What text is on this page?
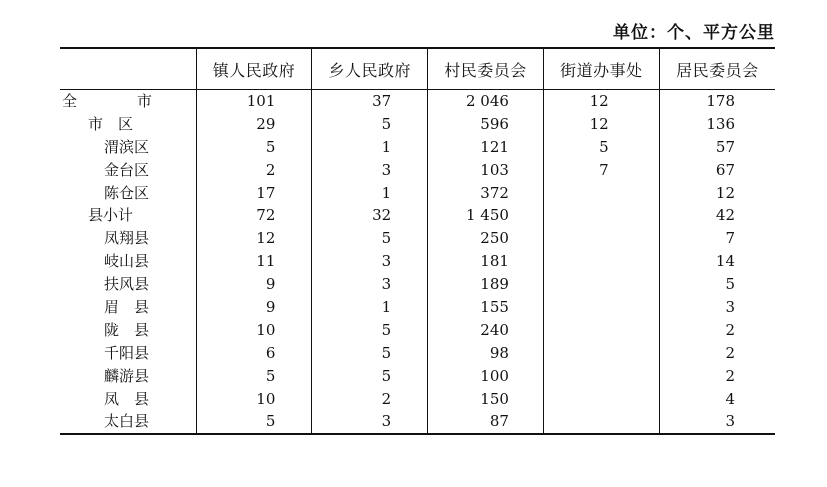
单位：个、平方公里
	镇人民政府	乡人民政府	村民委员会	街道办事处	居民委员会
全　　　　市	101	37	2 046	12	178
市　区	29	5	596	12	136
渭滨区	5	1	121	5	57
金台区	2	3	103	7	67
陈仓区	17	1	372		12
县小计	72	32	1 450		42
凤翔县	12	5	250		7
岐山县	11	3	181		14
扶风县	9	3	189		5
眉　县	9	1	155		3
陇　县	10	5	240		2
千阳县	6	5	98		2
麟游县	5	5	100		2
凤　县	10	2	150		4
太白县	5	3	87		3
